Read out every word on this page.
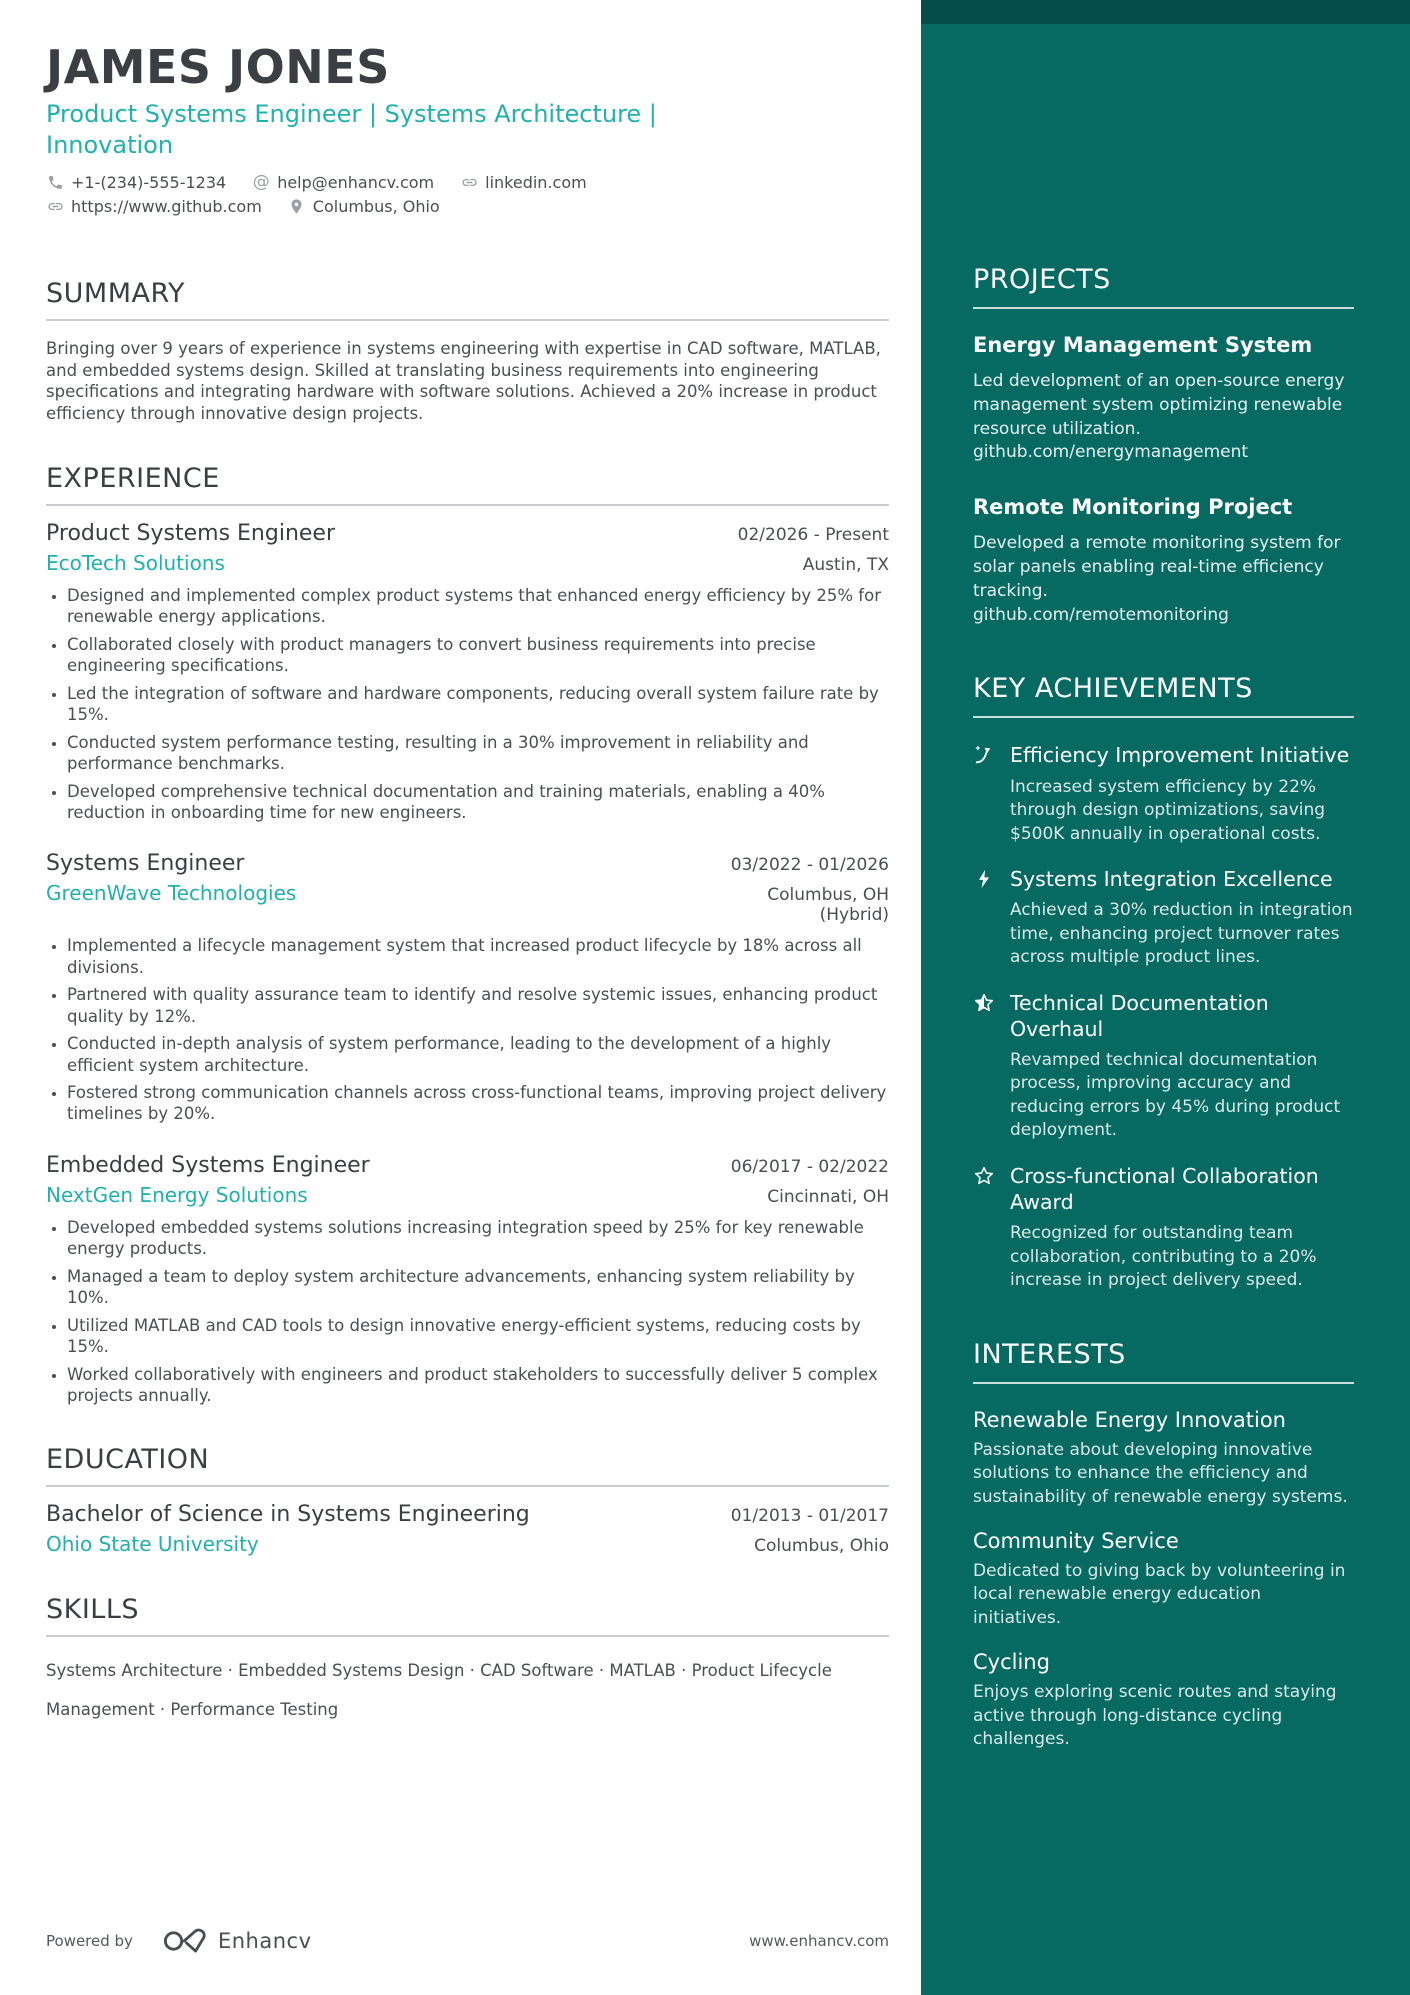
JAMES JONES
Product Systems Engineer | Systems Architecture | Innovation
+1-(234)-555-1234 @ help@enhancv.com	linkedin.com
https://www.github.com	Columbus, Ohio
SUMMARY

Bringing over 9 years of experience in systems engineering with expertise in CAD software, MATLAB, and embedded systems design. Skilled at translating business requirements into engineering specifications and integrating hardware with software solutions. Achieved a 20% increase in product efficiency through innovative design projects.

EXPERIENCE
Product Systems Engineer	02/2026 - Present
EcoTech Solutions	Austin, TX
• Designed and implemented complex product systems that enhanced energy efficiency by 25% for renewable energy applications.
• Collaborated closely with product managers to convert business requirements into precise engineering specifications.
• Led the integration of software and hardware components, reducing overall system failure rate by 15%.
• Conducted system performance testing, resulting in a 30% improvement in reliability and performance benchmarks.
• Developed comprehensive technical documentation and training materials, enabling a 40% reduction in onboarding time for new engineers.
Systems Engineer	03/2022 - 01/2026
GreenWave Technologies	Columbus, OH
(Hybrid)
• Implemented a lifecycle management system that increased product lifecycle by 18% across all divisions.
• Partnered with quality assurance team to identify and resolve systemic issues, enhancing product quality by 12%.
• Conducted in-depth analysis of system performance, leading to the development of a highly efficient system architecture.
• Fostered strong communication channels across cross-functional teams, improving project delivery timelines by 20%.
Embedded Systems Engineer	06/2017 - 02/2022
NextGen Energy Solutions	Cincinnati, OH
• Developed embedded systems solutions increasing integration speed by 25% for key renewable energy products.
• Managed a team to deploy system architecture advancements, enhancing system reliability by 10%.
• Utilized MATLAB and CAD tools to design innovative energy-efficient systems, reducing costs by 15%.
• Worked collaboratively with engineers and product stakeholders to successfully deliver 5 complex projects annually.
EDUCATION
Bachelor of Science in Systems Engineering	01/2013 - 01/2017
Ohio State University	Columbus, Ohio
SKILLS
Systems Architecture · Embedded Systems Design · CAD Software · MATLAB · Product Lifecycle Management · Performance Testing
PROJECTS
Energy Management System

Led development of an open-source energy management system optimizing renewable resource utilization.

github.com/energymanagement
Remote Monitoring Project

Developed a remote monitoring system for solar panels enabling real-time efficiency tracking.

github.com/remotemonitoring
KEY ACHIEVEMENTS

Efficiency Improvement Initiative

Increased system efficiency by 22% through design optimizations, saving $500K annually in operational costs.

Systems Integration Excellence

Achieved a 30% reduction in integration time, enhancing project turnover rates across multiple product lines.

Technical Documentation Overhaul

Revamped technical documentation process, improving accuracy and reducing errors by 45% during product deployment.

Cross-functional Collaboration Award

Recognized for outstanding team collaboration, contributing to a 20% increase in project delivery speed.

INTERESTS

Renewable Energy Innovation

Passionate about developing innovative solutions to enhance the efficiency and sustainability of renewable energy systems.

Community Service

Dedicated to giving back by volunteering in local renewable energy education initiatives.

Cycling

Enjoys exploring scenic routes and staying active through long-distance cycling challenges.

Powered by	Enhancv	www.enhancv.com
